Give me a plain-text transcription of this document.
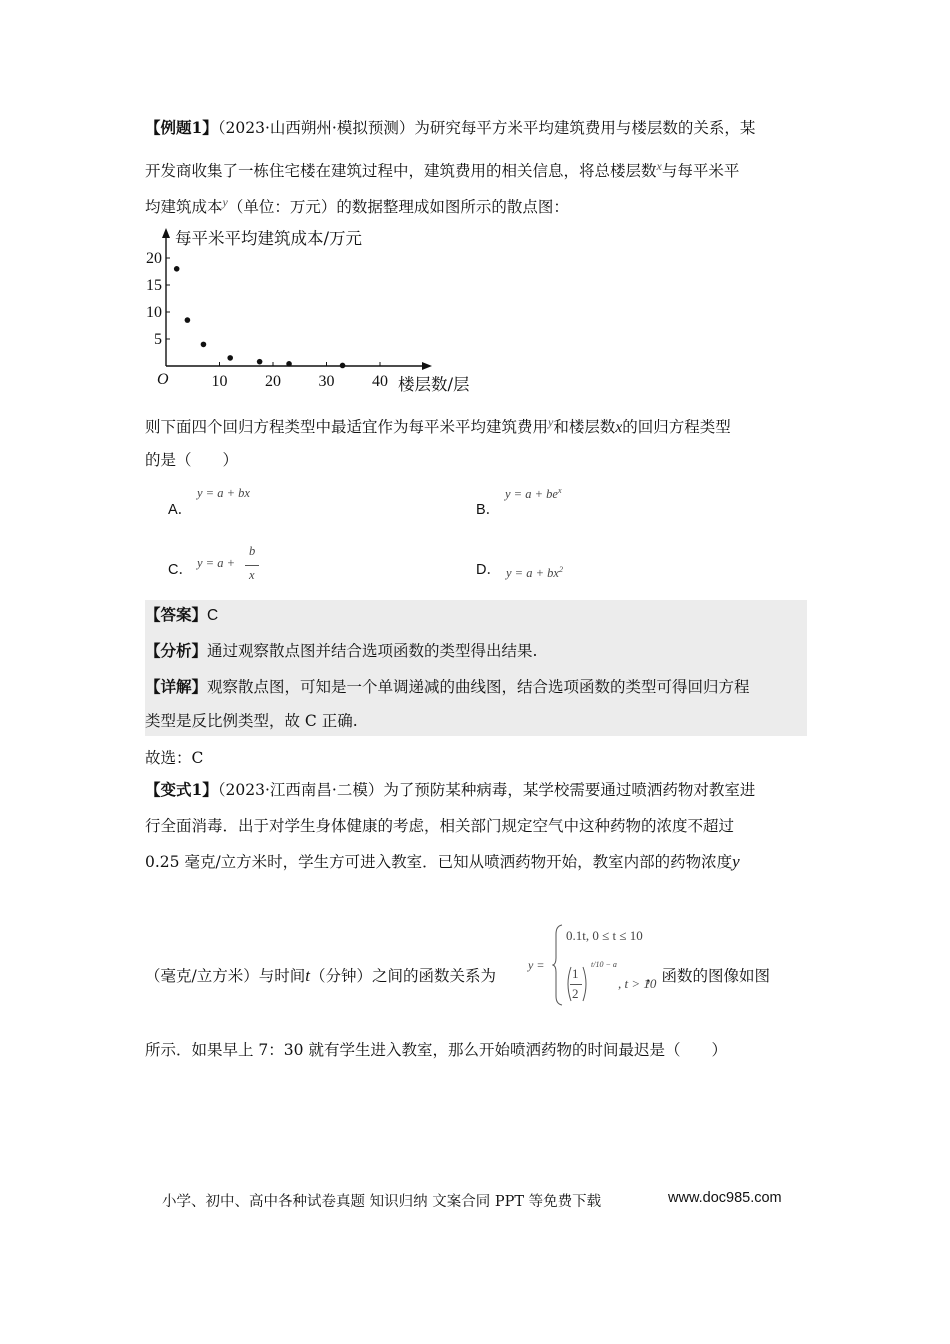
【例题1】（2023·山西朔州·模拟预测）为研究每平方米平均建筑费用与楼层数的关系，某
开发商收集了一栋住宅楼在建筑过程中，建筑费用的相关信息，将总楼层数$^x$与每平米平
均建筑成本$^y$（单位：万元）的数据整理成如图所示的散点图：
10 20 30 40
5
10
15
20
每平米平均建筑成本/万元
楼层数/层
O
则下面四个回归方程类型中最适宜作为每平米平均建筑费用$^y$和楼层数x的回归方程类型
的是（　　）
A．
y = a + bx
B．
$y = a + be^x$
C． y = a +
b
x	D． $y = a + bx^2$
【答案】C
【分析】通过观察散点图并结合选项函数的类型得出结果.
【详解】观察散点图，可知是一个单调递减的曲线图，结合选项函数的类型可得回归方程
类型是反比例类型，故 C 正确.
故选：C
【变式1】（2023·江西南昌·二模）为了预防某种病毒，某学校需要通过喷洒药物对教室进
行全面消毒．出于对学生身体健康的考虑，相关部门规定空气中这种药物的浓度不超过
0.25 毫克/立方米时，学生方可进入教室．已知从喷洒药物开始，教室内部的药物浓度y
（毫克/立方米）与时间t（分钟）之间的函数关系为	，函数的图像如图
y =
0.1t, 0 ≤ t ≤ 10
1
2
t/10 − a
, t > 10
所示．如果早上 7：30 就有学生进入教室，那么开始喷洒药物的时间最迟是（　　）
小学、初中、高中各种试卷真题 知识归纳 文案合同 PPT 等免费下载	www.doc985.com
